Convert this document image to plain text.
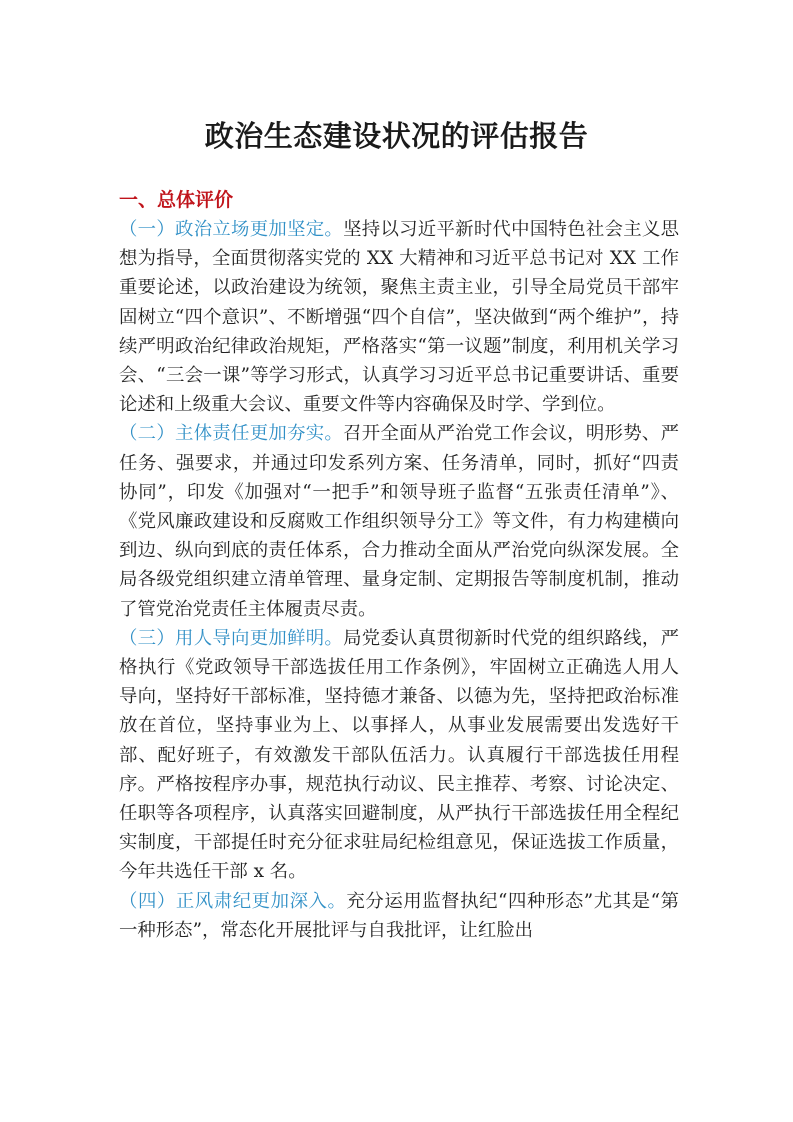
政治生态建设状况的评估报告
一、总体评价

（一）政治立场更加坚定。坚持以习近平新时代中国特色社会主义思想为指导，全面贯彻落实党的 XX 大精神和习近平总书记对 XX 工作重要论述，以政治建设为统领，聚焦主责主业，引导全局党员干部牢固树立“四个意识”、不断增强“四个自信”，坚决做到“两个维护”，持续严明政治纪律政治规矩，严格落实“第一议题”制度，利用机关学习会、“三会一课”等学习形式，认真学习习近平总书记重要讲话、重要论述和上级重大会议、重要文件等内容确保及时学、学到位。

（二）主体责任更加夯实。召开全面从严治党工作会议，明形势、严任务、强要求，并通过印发系列方案、任务清单，同时，抓好“四责协同”，印发《加强对“一把手”和领导班子监督“五张责任清单”》、《党风廉政建设和反腐败工作组织领导分工》等文件，有力构建横向到边、纵向到底的责任体系，合力推动全面从严治党向纵深发展。全局各级党组织建立清单管理、量身定制、定期报告等制度机制，推动了管党治党责任主体履责尽责。

（三）用人导向更加鲜明。局党委认真贯彻新时代党的组织路线，严格执行《党政领导干部选拔任用工作条例》，牢固树立正确选人用人导向，坚持好干部标准，坚持德才兼备、以德为先，坚持把政治标准放在首位，坚持事业为上、以事择人，从事业发展需要出发选好干部、配好班子，有效激发干部队伍活力。认真履行干部选拔任用程序。严格按程序办事，规范执行动议、民主推荐、考察、讨论决定、任职等各项程序，认真落实回避制度，从严执行干部选拔任用全程纪实制度，干部提任时充分征求驻局纪检组意见，保证选拔工作质量，今年共选任干部 x 名。

（四）正风肃纪更加深入。充分运用监督执纪“四种形态”尤其是“第一种形态”，常态化开展批评与自我批评，让红脸出
